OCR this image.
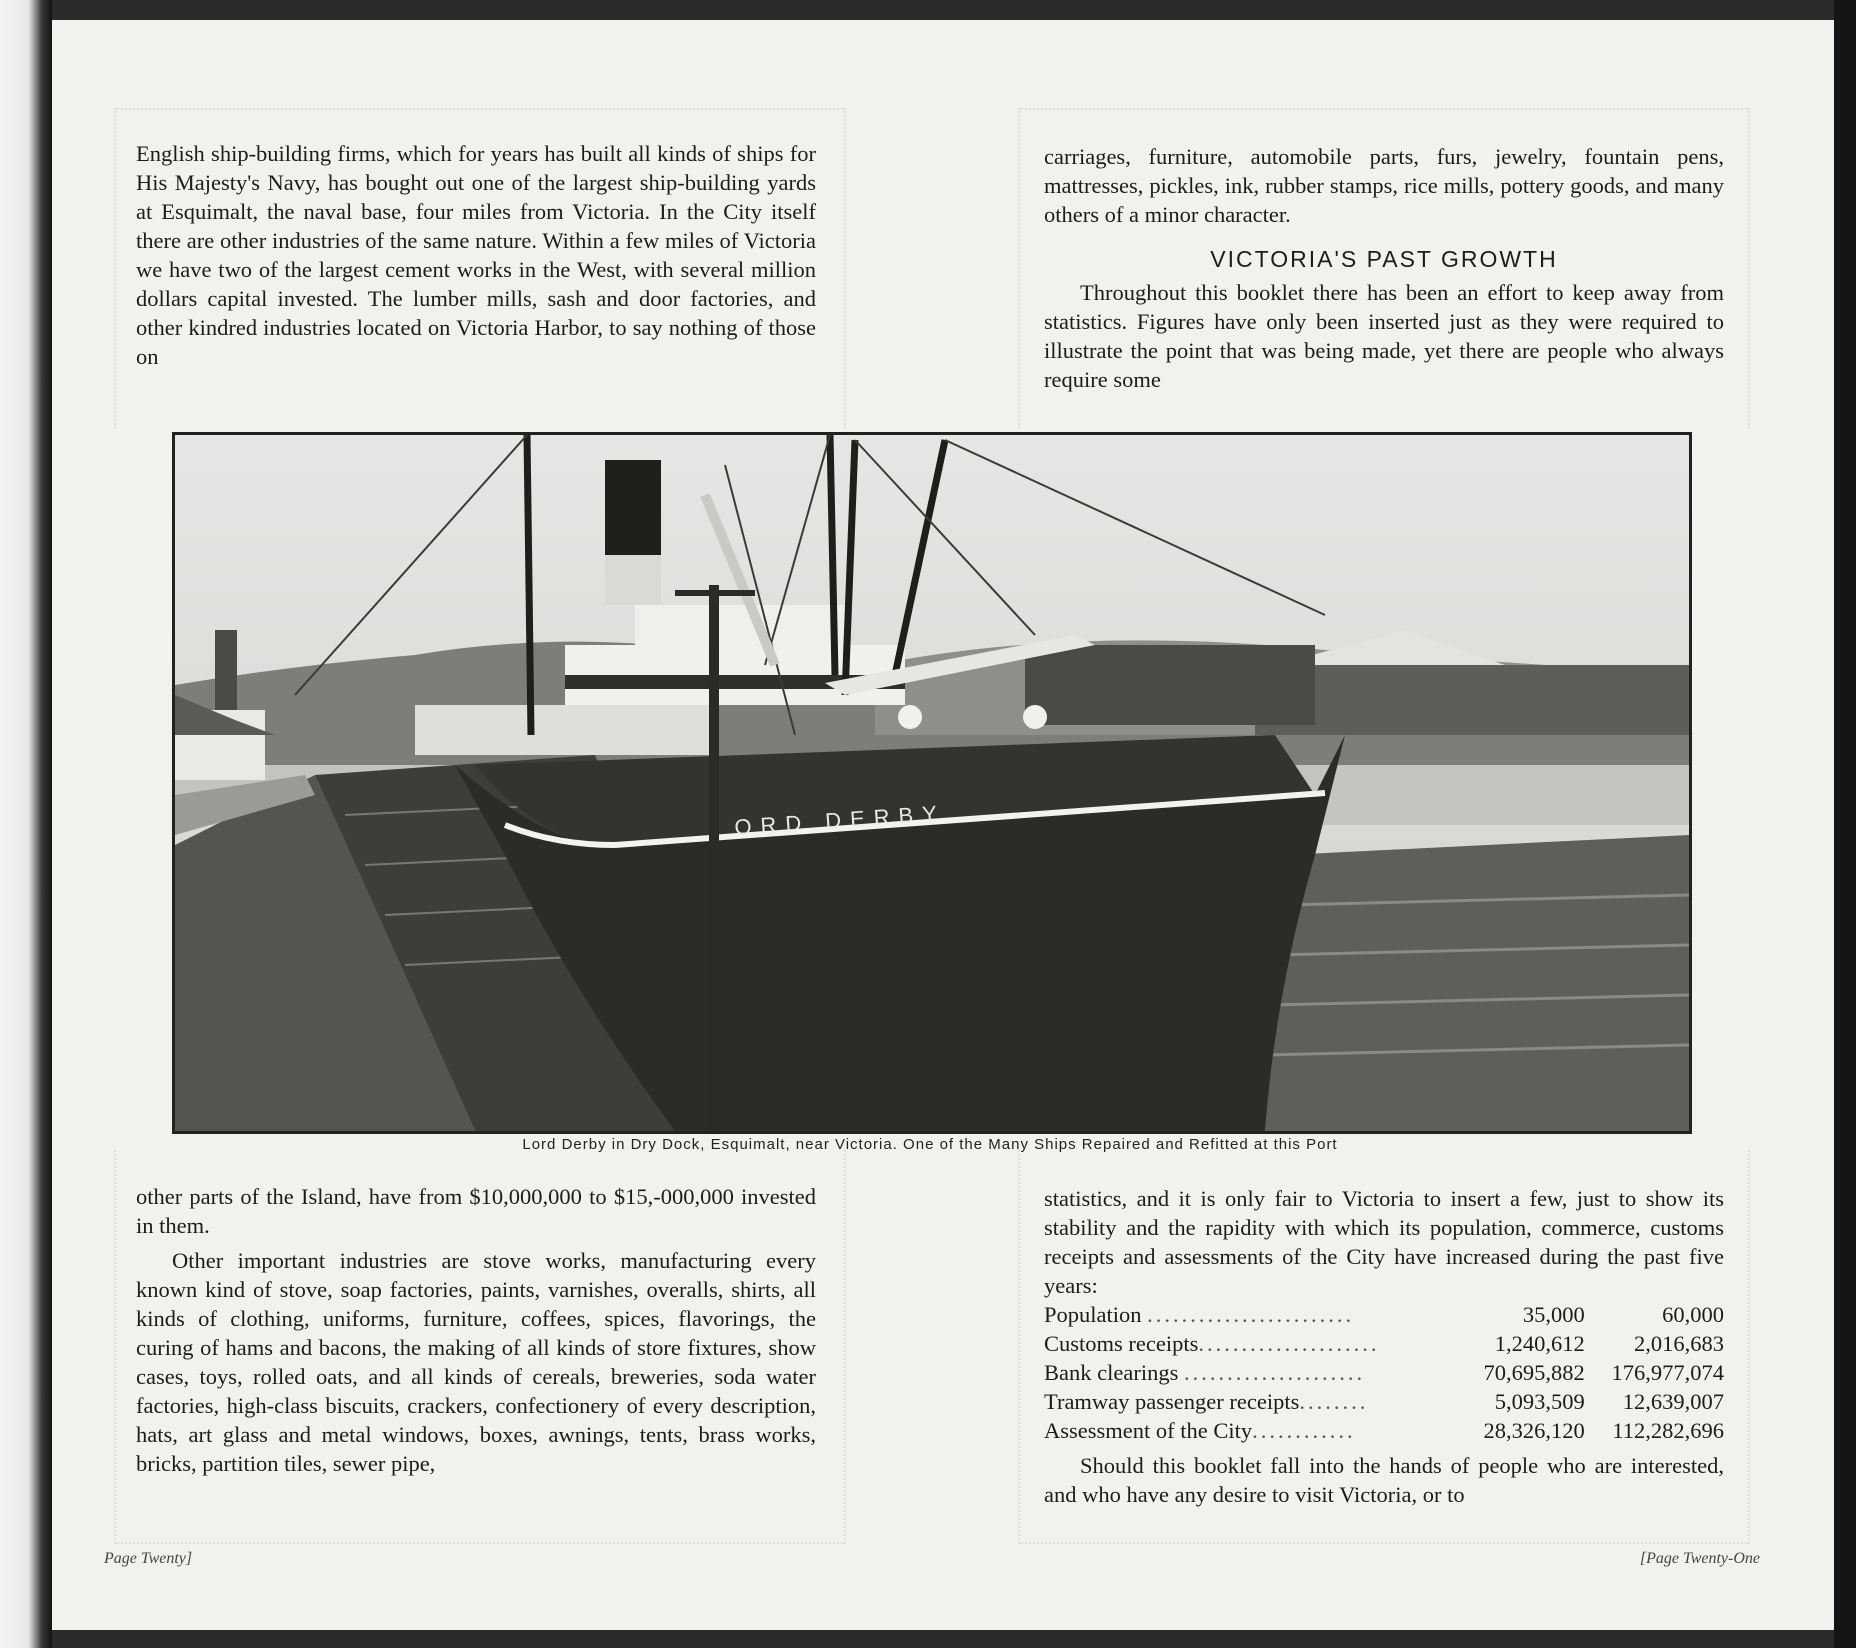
English ship-building firms, which for years has built all kinds of ships for His Majesty's Navy, has bought out one of the largest ship-building yards at Esquimalt, the naval base, four miles from Victoria. In the City itself there are other industries of the same nature. Within a few miles of Victoria we have two of the largest cement works in the West, with several million dollars capital invested. The lumber mills, sash and door factories, and other kindred industries located on Victoria Harbor, to say nothing of those on

carriages, furniture, automobile parts, furs, jewelry, fountain pens, mattresses, pickles, ink, rubber stamps, rice mills, pottery goods, and many others of a minor character.

VICTORIA'S PAST GROWTH

Throughout this booklet there has been an effort to keep away from statistics. Figures have only been inserted just as they were required to illustrate the point that was being made, yet there are people who always require some

ORD DERBY
Lord Derby in Dry Dock, Esquimalt, near Victoria. One of the Many Ships Repaired and Refitted at this Port

other parts of the Island, have from $10,000,000 to $15,-000,000 invested in them.

Other important industries are stove works, manufacturing every known kind of stove, soap factories, paints, varnishes, overalls, shirts, all kinds of clothing, uniforms, furniture, coffees, spices, flavorings, the curing of hams and bacons, the making of all kinds of store fixtures, show cases, toys, rolled oats, and all kinds of cereals, breweries, soda water factories, high-class biscuits, crackers, confectionery of every description, hats, art glass and metal windows, boxes, awnings, tents, brass works, bricks, partition tiles, sewer pipe,

statistics, and it is only fair to Victoria to insert a few, just to show its stability and the rapidity with which its population, commerce, customs receipts and assessments of the City have increased during the past five years:

Population ........................	35,000	60,000
Customs receipts.....................	1,240,612	2,016,683
Bank clearings .....................	70,695,882	176,977,074
Tramway passenger receipts........	5,093,509	12,639,007
Assessment of the City............	28,326,120	112,282,696

Should this booklet fall into the hands of people who are interested, and who have any desire to visit Victoria, or to

Page Twenty]	[Page Twenty-One
